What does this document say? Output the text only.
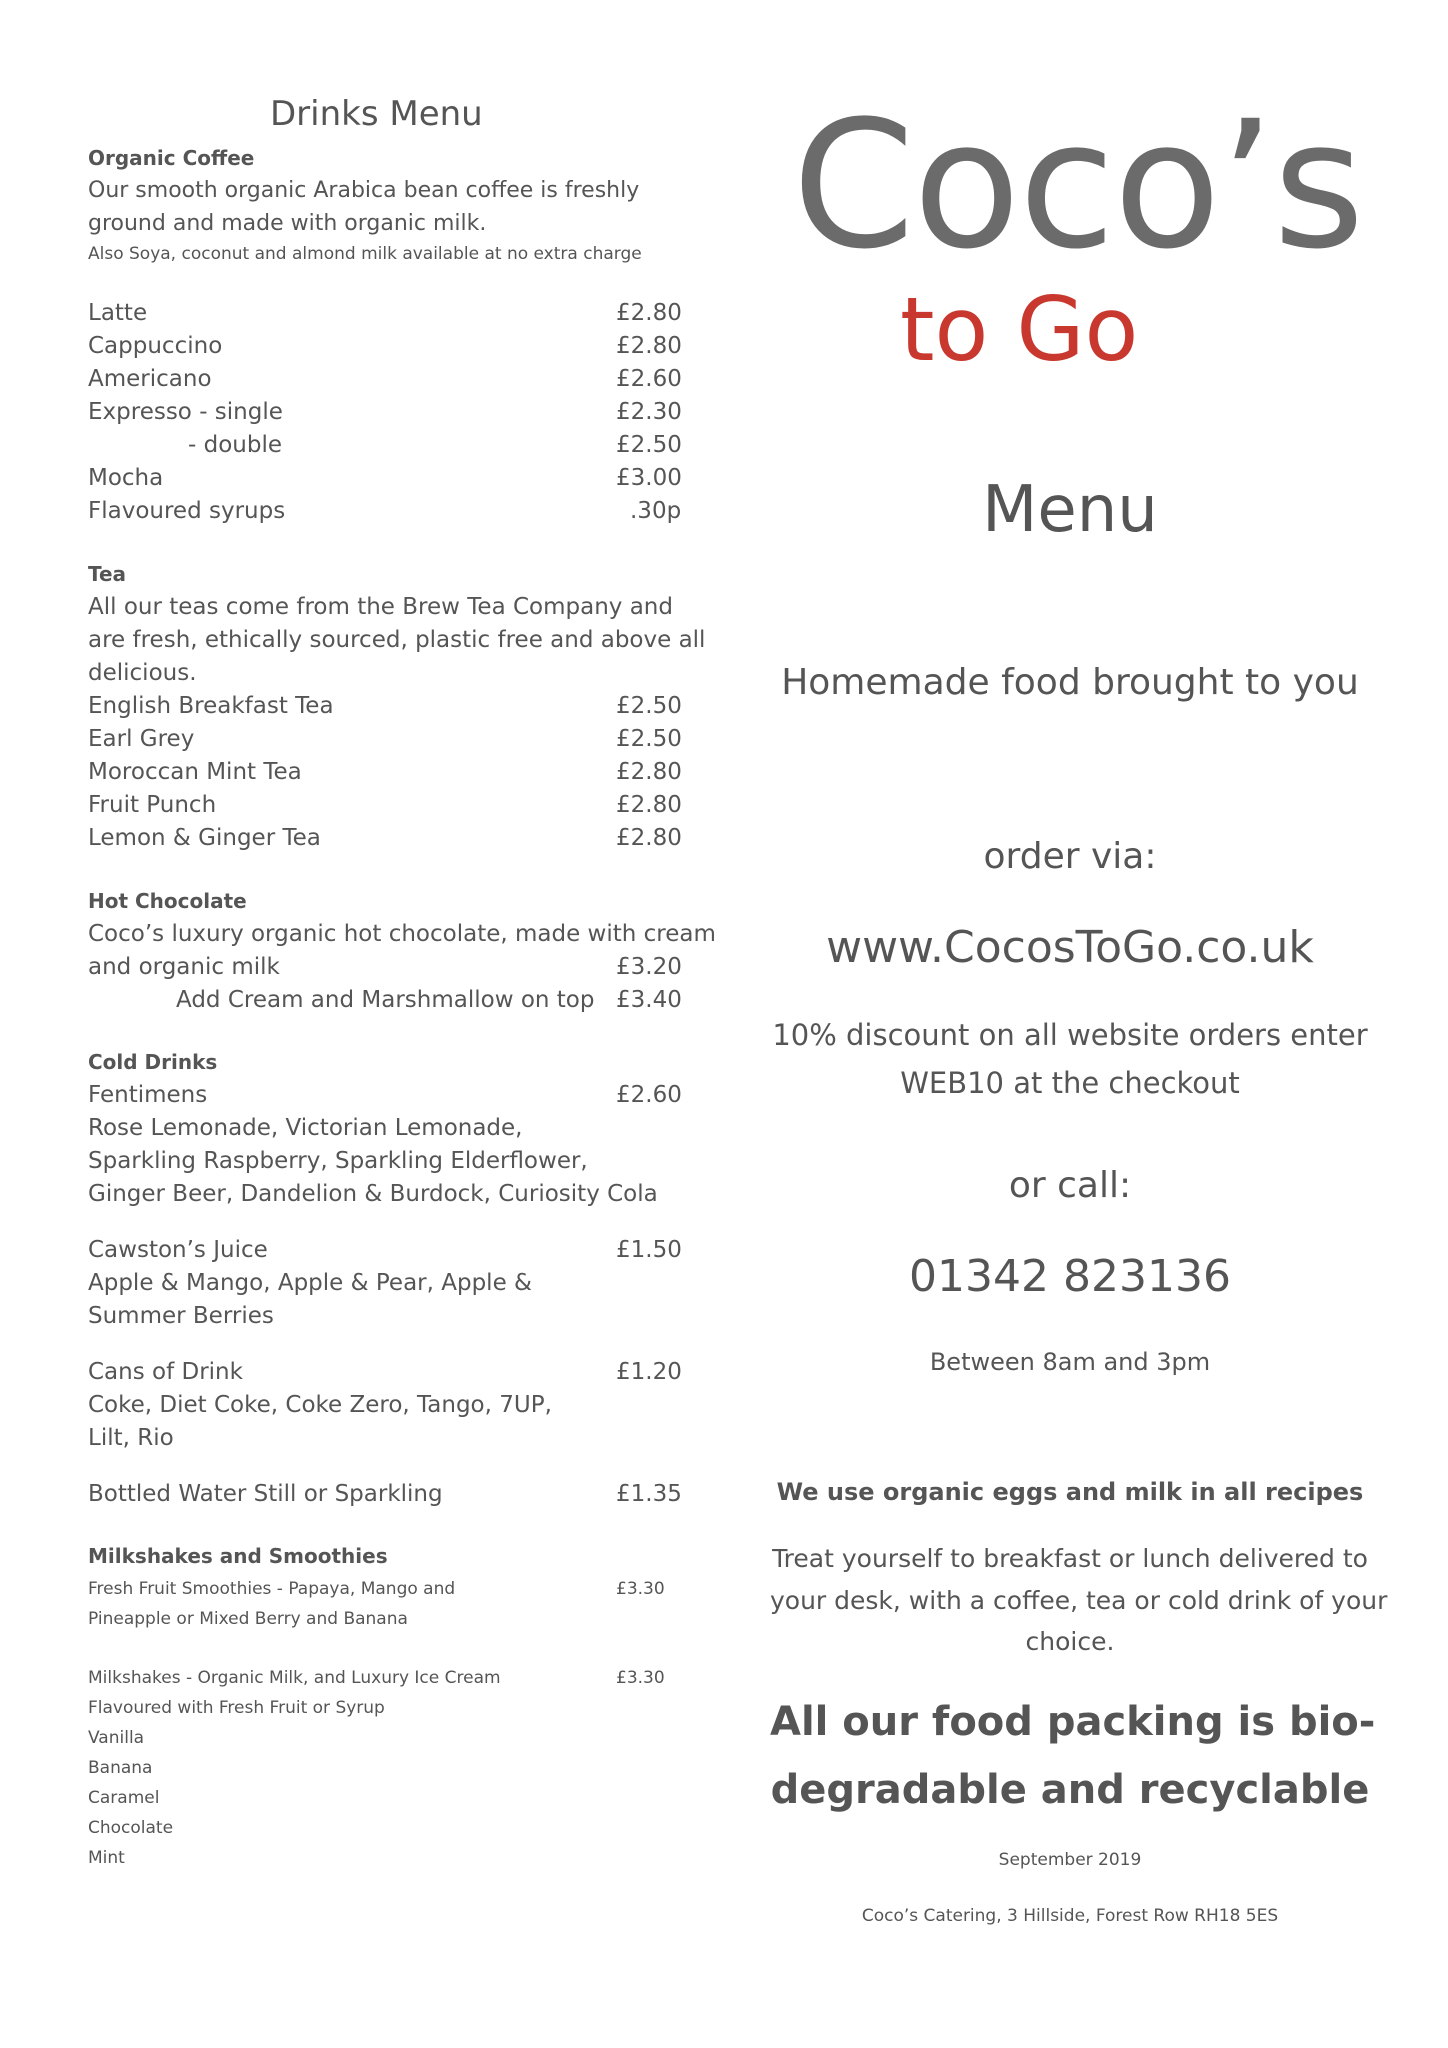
Drinks Menu
Organic Coffee
Our smooth organic Arabica bean coffee is freshly
ground and made with organic milk.
Also Soya, coconut and almond milk available at no extra charge
Latte	£2.80
Cappuccino	£2.80
Americano	£2.60
Expresso - single	£2.30
- double	£2.50
Mocha	£3.00
Flavoured syrups	.30p
Tea
All our teas come from the Brew Tea Company and
are fresh, ethically sourced, plastic free and above all
delicious.
English Breakfast Tea	£2.50
Earl Grey	£2.50
Moroccan Mint Tea	£2.80
Fruit Punch	£2.80
Lemon & Ginger Tea	£2.80
Hot Chocolate
Coco’s luxury organic hot chocolate, made with cream
and organic milk	£3.20
Add Cream and Marshmallow on top £3.40
Cold Drinks
Fentimens	£2.60
Rose Lemonade, Victorian Lemonade,
Sparkling Raspberry, Sparkling Elderflower,
Ginger Beer, Dandelion & Burdock, Curiosity Cola
Cawston’s Juice	£1.50
Apple & Mango, Apple & Pear, Apple &
Summer Berries
Cans of Drink	£1.20
Coke, Diet Coke, Coke Zero, Tango, 7UP,
Lilt, Rio
Bottled Water Still or Sparkling	£1.35
Milkshakes and Smoothies
Fresh Fruit Smoothies - Papaya, Mango and	£3.30
Pineapple or Mixed Berry and Banana
Milkshakes - Organic Milk, and Luxury Ice Cream	£3.30
Flavoured with Fresh Fruit or Syrup
Vanilla
Banana
Caramel
Chocolate
Mint
Coco’s
to Go
Menu
Homemade food brought to you
order via:
www.CocosToGo.co.uk
10% discount on all website orders enter
WEB10 at the checkout
or call:
01342 823136
Between 8am and 3pm
We use organic eggs and milk in all recipes
Treat yourself to breakfast or lunch delivered to
your desk, with a coffee, tea or cold drink of your
choice.
All our food packing is bio-
degradable and recyclable
September 2019
Coco’s Catering, 3 Hillside, Forest Row RH18 5ES
